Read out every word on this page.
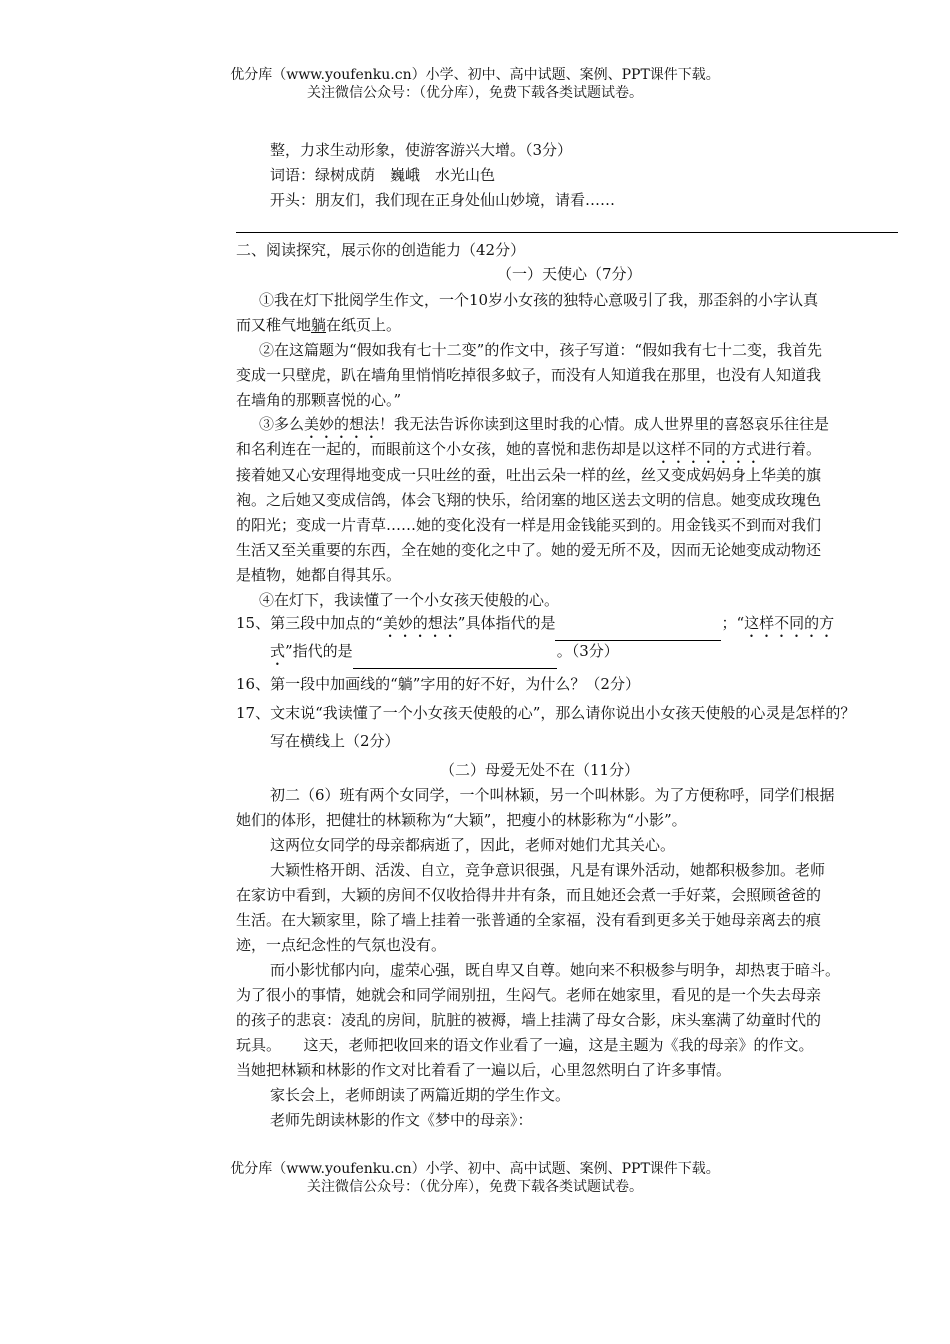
优分库（www.youfenku.cn）小学、初中、高中试题、案例、PPT课件下载。
关注微信公众号：（优分库），免费下载各类试题试卷。
整，力求生动形象，使游客游兴大增。（3分）
词语：绿树成荫　巍峨　水光山色
开头：朋友们，我们现在正身处仙山妙境，请看……
二、阅读探究，展示你的创造能力（42分）
（一）天使心（7分）
①我在灯下批阅学生作文，一个10岁小女孩的独特心意吸引了我，那歪斜的小字认真
而又稚气地躺在纸页上。
②在这篇题为“假如我有七十二变”的作文中，孩子写道：“假如我有七十二变，我首先
变成一只壁虎，趴在墙角里悄悄吃掉很多蚊子，而没有人知道我在那里，也没有人知道我
在墙角的那颗喜悦的心。”
③多么美妙的想法！我无法告诉你读到这里时我的心情。成人世界里的喜怒哀乐往往是
和名利连在一起的，而眼前这个小女孩，她的喜悦和悲伤却是以这样不同的方式进行着。
接着她又心安理得地变成一只吐丝的蚕，吐出云朵一样的丝，丝又变成妈妈身上华美的旗
袍。之后她又变成信鸽，体会飞翔的快乐，给闭塞的地区送去文明的信息。她变成玫瑰色
的阳光；变成一片青草……她的变化没有一样是用金钱能买到的。用金钱买不到而对我们
生活又至关重要的东西，全在她的变化之中了。她的爱无所不及，因而无论她变成动物还
是植物，她都自得其乐。
④在灯下，我读懂了一个小女孩天使般的心。
15、第三段中加点的“美妙的想法”具体指代的是	；“这样不同的方
式”指代的是	。（3分）
16、第一段中加画线的“躺”字用的好不好，为什么？（2分）
17、文末说“我读懂了一个小女孩天使般的心”，那么请你说出小女孩天使般的心灵是怎样的？
写在横线上（2分）
（二）母爱无处不在（11分）
初二（6）班有两个女同学，一个叫林颖，另一个叫林影。为了方便称呼，同学们根据
她们的体形，把健壮的林颖称为“大颖”，把瘦小的林影称为“小影”。
这两位女同学的母亲都病逝了，因此，老师对她们尤其关心。
大颖性格开朗、活泼、自立，竞争意识很强，凡是有课外活动，她都积极参加。老师
在家访中看到，大颖的房间不仅收拾得井井有条，而且她还会煮一手好菜，会照顾爸爸的
生活。在大颖家里，除了墙上挂着一张普通的全家福，没有看到更多关于她母亲离去的痕
迹，一点纪念性的气氛也没有。
而小影忧郁内向，虚荣心强，既自卑又自尊。她向来不积极参与明争，却热衷于暗斗。
为了很小的事情，她就会和同学闹别扭，生闷气。老师在她家里，看见的是一个失去母亲
的孩子的悲哀：凌乱的房间，肮脏的被褥，墙上挂满了母女合影，床头塞满了幼童时代的
玩具。　　这天，老师把收回来的语文作业看了一遍，这是主题为《我的母亲》的作文。
当她把林颖和林影的作文对比着看了一遍以后，心里忽然明白了许多事情。
家长会上，老师朗读了两篇近期的学生作文。
老师先朗读林影的作文《梦中的母亲》：
优分库（www.youfenku.cn）小学、初中、高中试题、案例、PPT课件下载。
关注微信公众号：（优分库），免费下载各类试题试卷。
